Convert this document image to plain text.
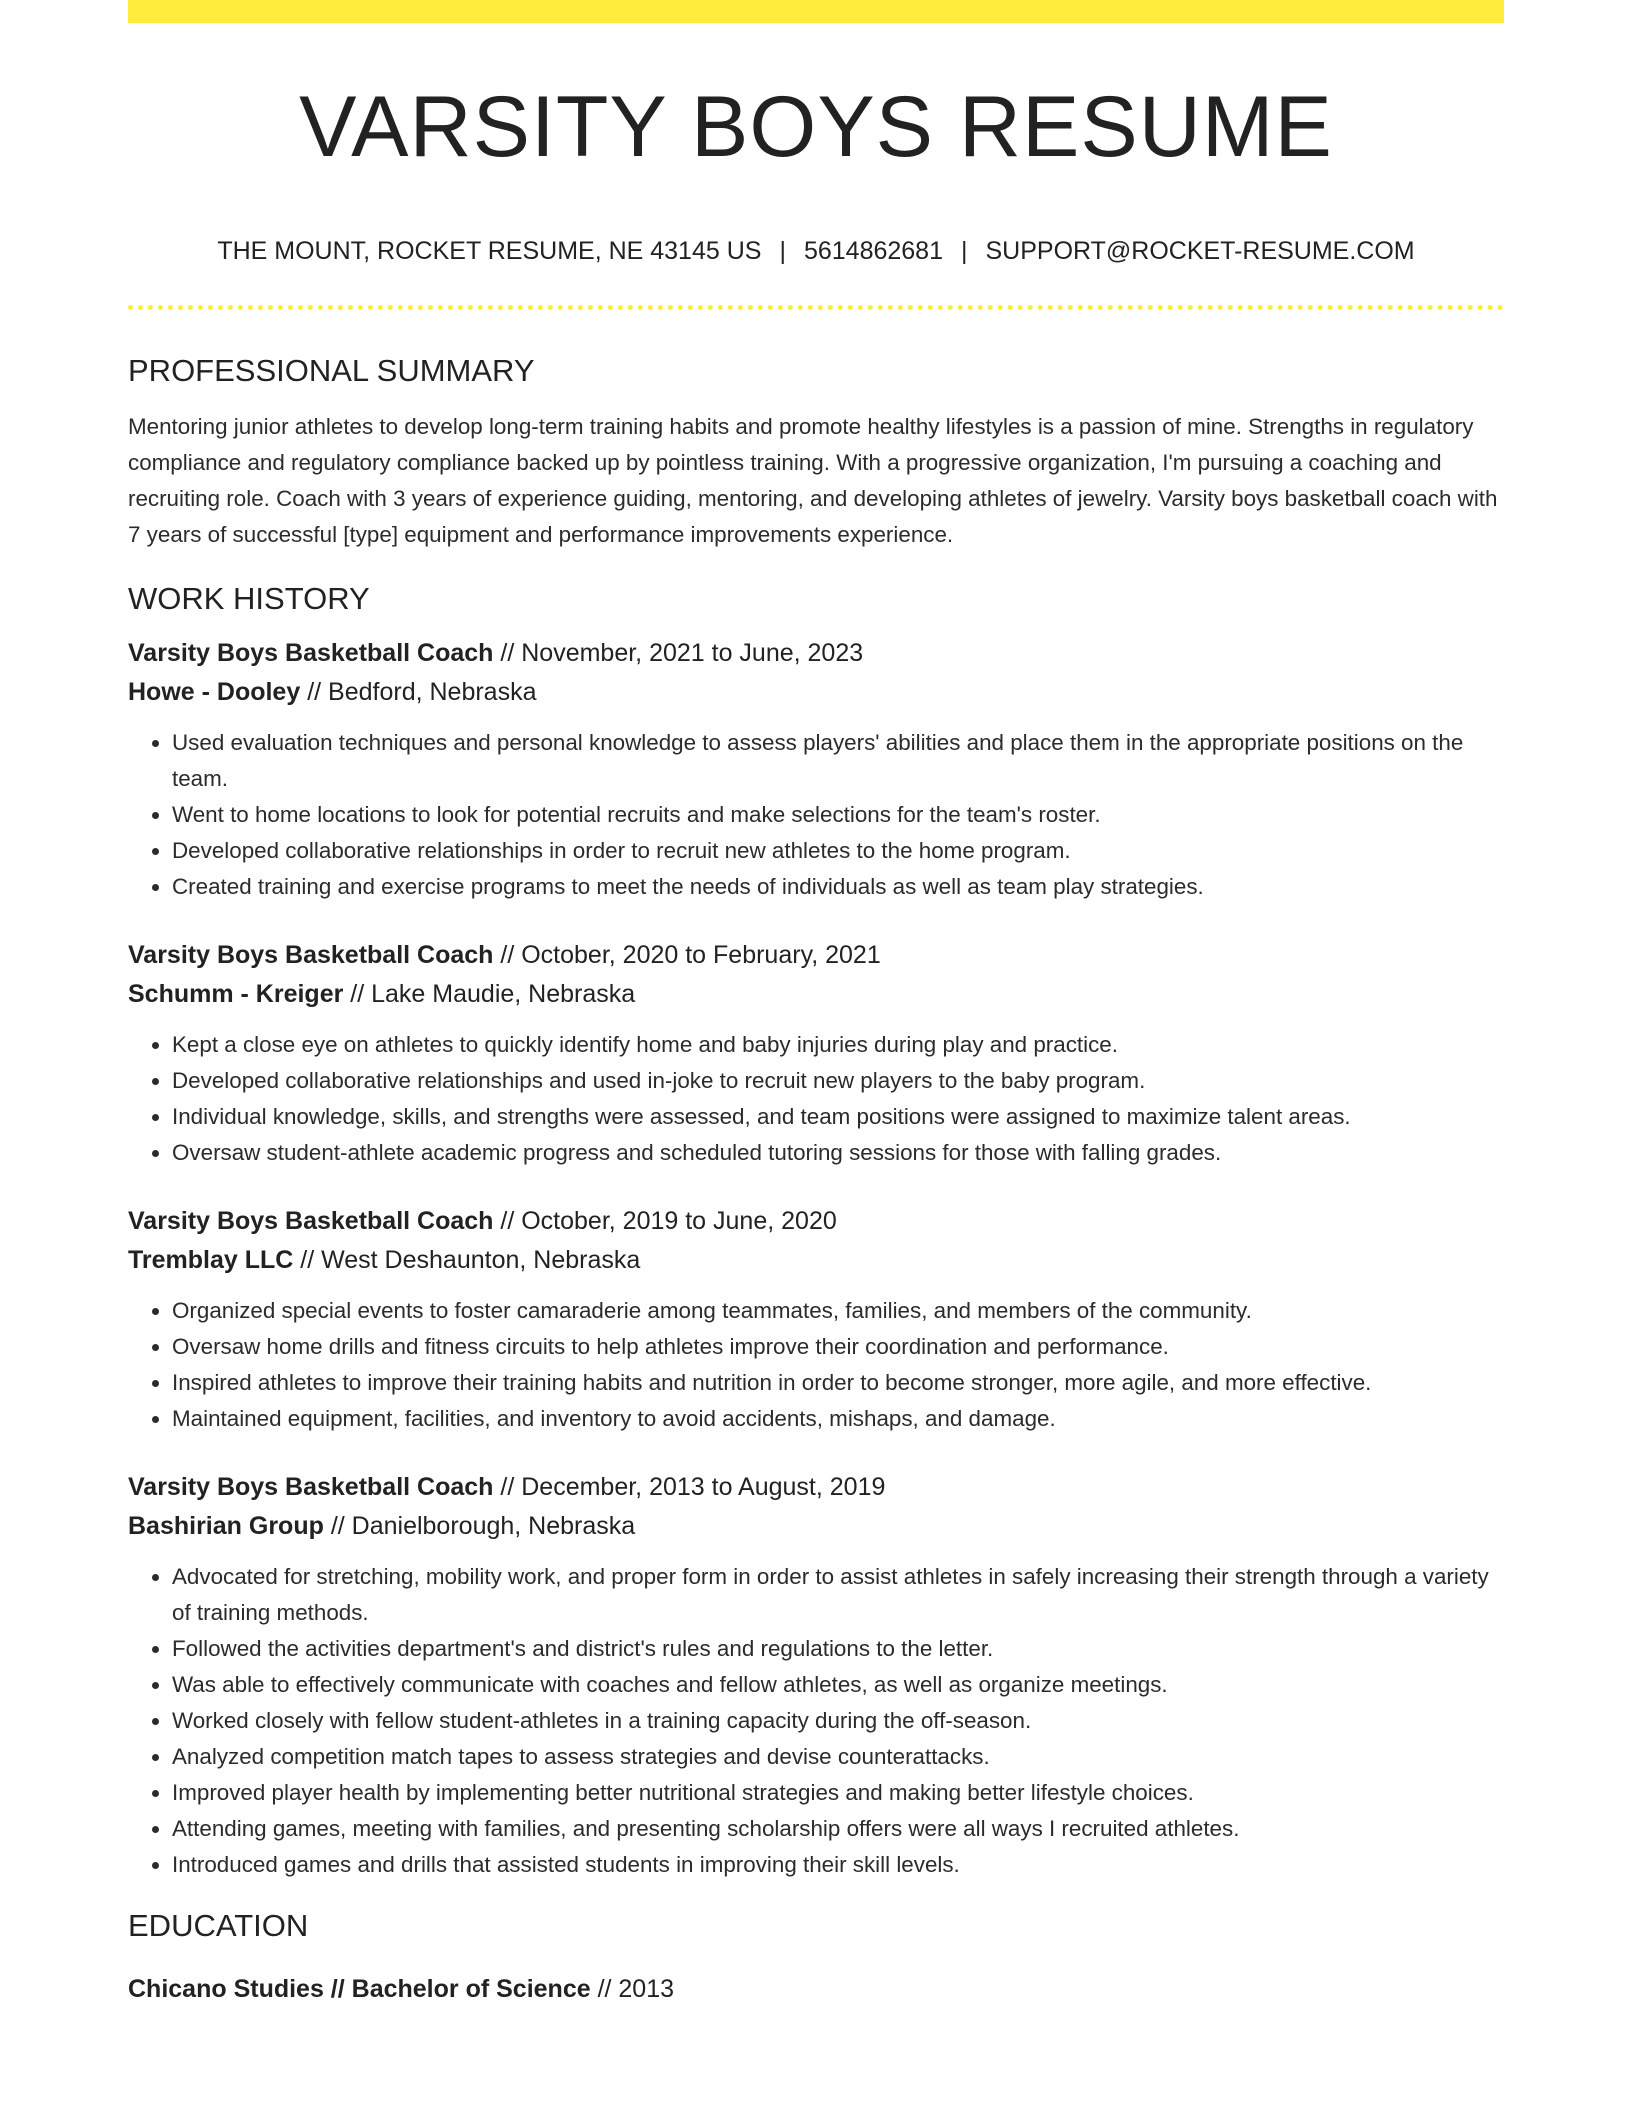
VARSITY BOYS RESUME
THE MOUNT, ROCKET RESUME, NE 43145 US | 5614862681 | SUPPORT@ROCKET-RESUME.COM
PROFESSIONAL SUMMARY
Mentoring junior athletes to develop long-term training habits and promote healthy lifestyles is a passion of mine. Strengths in regulatory compliance and regulatory compliance backed up by pointless training. With a progressive organization, I'm pursuing a coaching and recruiting role. Coach with 3 years of experience guiding, mentoring, and developing athletes of jewelry. Varsity boys basketball coach with 7 years of successful [type] equipment and performance improvements experience.
WORK HISTORY
Varsity Boys Basketball Coach // November, 2021 to June, 2023
Howe - Dooley // Bedford, Nebraska
• Used evaluation techniques and personal knowledge to assess players' abilities and place them in the appropriate positions on the team.
• Went to home locations to look for potential recruits and make selections for the team's roster.
• Developed collaborative relationships in order to recruit new athletes to the home program.
• Created training and exercise programs to meet the needs of individuals as well as team play strategies.
Varsity Boys Basketball Coach // October, 2020 to February, 2021
Schumm - Kreiger // Lake Maudie, Nebraska
• Kept a close eye on athletes to quickly identify home and baby injuries during play and practice.
• Developed collaborative relationships and used in-joke to recruit new players to the baby program.
• Individual knowledge, skills, and strengths were assessed, and team positions were assigned to maximize talent areas.
• Oversaw student-athlete academic progress and scheduled tutoring sessions for those with falling grades.
Varsity Boys Basketball Coach // October, 2019 to June, 2020
Tremblay LLC // West Deshaunton, Nebraska
• Organized special events to foster camaraderie among teammates, families, and members of the community.
• Oversaw home drills and fitness circuits to help athletes improve their coordination and performance.
• Inspired athletes to improve their training habits and nutrition in order to become stronger, more agile, and more effective.
• Maintained equipment, facilities, and inventory to avoid accidents, mishaps, and damage.
Varsity Boys Basketball Coach // December, 2013 to August, 2019
Bashirian Group // Danielborough, Nebraska
• Advocated for stretching, mobility work, and proper form in order to assist athletes in safely increasing their strength through a variety of training methods.
• Followed the activities department's and district's rules and regulations to the letter.
• Was able to effectively communicate with coaches and fellow athletes, as well as organize meetings.
• Worked closely with fellow student-athletes in a training capacity during the off-season.
• Analyzed competition match tapes to assess strategies and devise counterattacks.
• Improved player health by implementing better nutritional strategies and making better lifestyle choices.
• Attending games, meeting with families, and presenting scholarship offers were all ways I recruited athletes.
• Introduced games and drills that assisted students in improving their skill levels.
EDUCATION
Chicano Studies // Bachelor of Science // 2013
